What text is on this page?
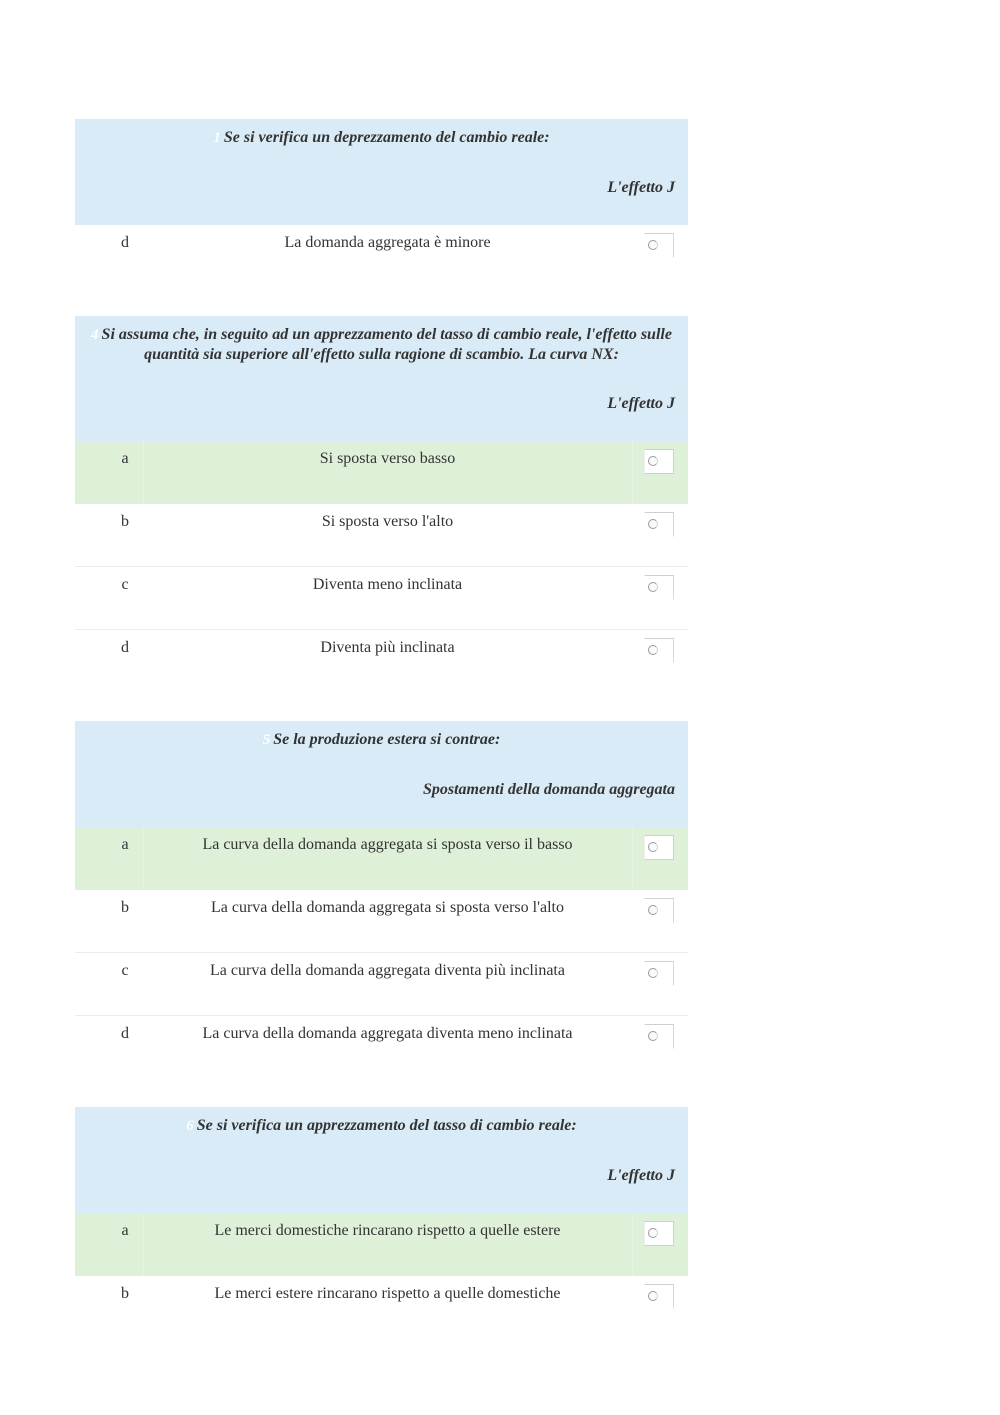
1 Se si verifica un deprezzamento del cambio reale:
L'effetto J
d	La domanda aggregata è minore
4 Si assuma che, in seguito ad un apprezzamento del tasso di cambio reale, l'effetto sulle quantità sia superiore all'effetto sulla ragione di scambio. La curva NX:
L'effetto J
a	Si sposta verso basso
b	Si sposta verso l'alto
c	Diventa meno inclinata
d	Diventa più inclinata
5 Se la produzione estera si contrae:
Spostamenti della domanda aggregata
a	La curva della domanda aggregata si sposta verso il basso
b	La curva della domanda aggregata si sposta verso l'alto
c	La curva della domanda aggregata diventa più inclinata
d	La curva della domanda aggregata diventa meno inclinata
6 Se si verifica un apprezzamento del tasso di cambio reale:
L'effetto J
a	Le merci domestiche rincarano rispetto a quelle estere
b	Le merci estere rincarano rispetto a quelle domestiche
